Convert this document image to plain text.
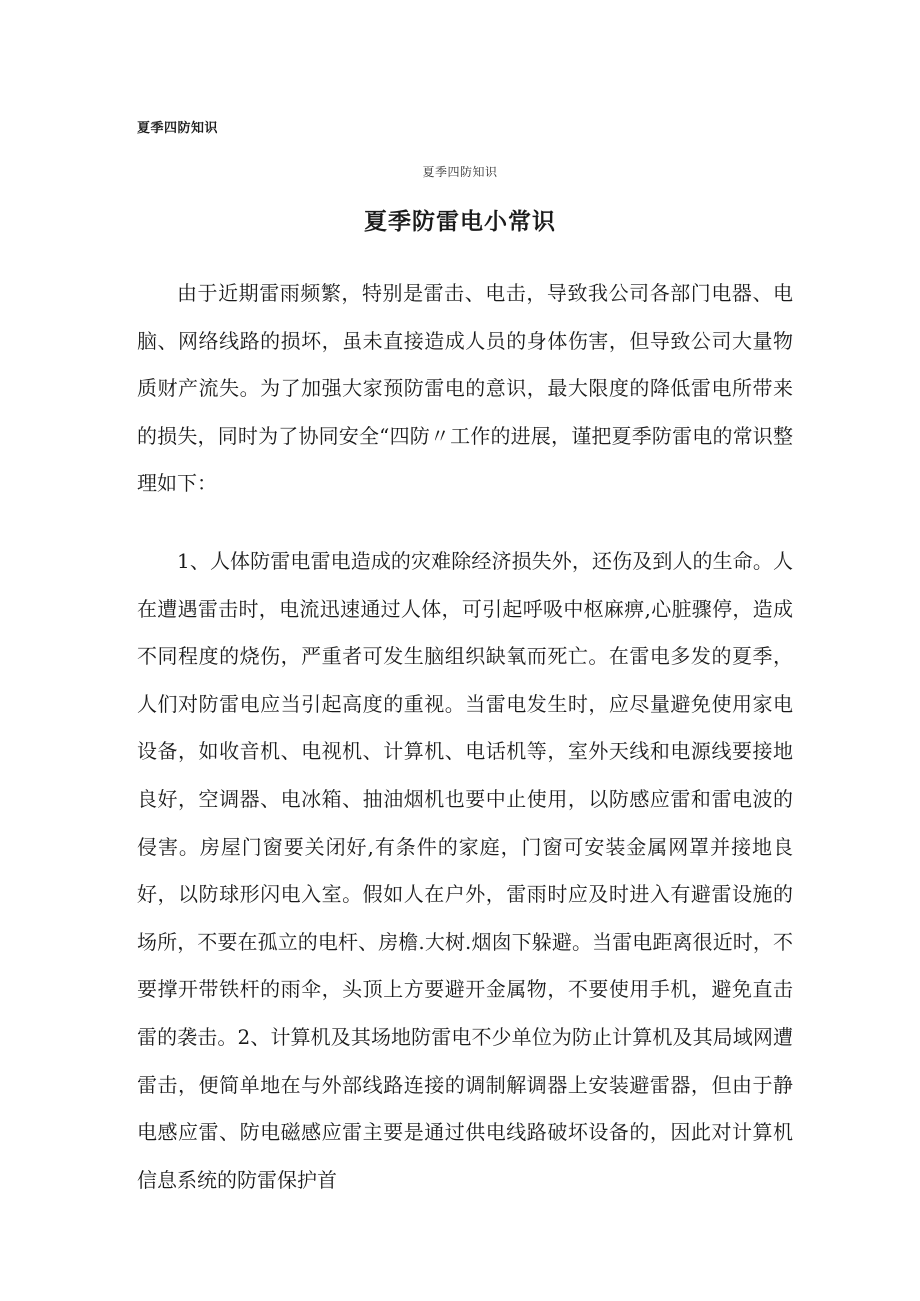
夏季四防知识

夏季四防知识

夏季防雷电小常识

由于近期雷雨频繁，特别是雷击、电击，导致我公司各部门电器、电脑、网络线路的损坏，虽未直接造成人员的身体伤害，但导致公司大量物质财产流失。为了加强大家预防雷电的意识，最大限度的降低雷电所带来的损失，同时为了协同安全“四防〃工作的进展，谨把夏季防雷电的常识整理如下：

1、人体防雷电雷电造成的灾难除经济损失外，还伤及到人的生命。人在遭遇雷击时，电流迅速通过人体，可引起呼吸中枢麻痹,心脏骤停，造成不同程度的烧伤，严重者可发生脑组织缺氧而死亡。在雷电多发的夏季，人们对防雷电应当引起高度的重视。当雷电发生时，应尽量避免使用家电设备，如收音机、电视机、计算机、电话机等，室外天线和电源线要接地良好，空调器、电冰箱、抽油烟机也要中止使用，以防感应雷和雷电波的侵害。房屋门窗要关闭好,有条件的家庭，门窗可安装金属网罩并接地良好，以防球形闪电入室。假如人在户外，雷雨时应及时进入有避雷设施的场所，不要在孤立的电杆、房檐.大树.烟囱下躲避。当雷电距离很近时，不要撑开带铁杆的雨伞，头顶上方要避开金属物，不要使用手机，避免直击雷的袭击。2、计算机及其场地防雷电不少单位为防止计算机及其局域网遭雷击，便简单地在与外部线路连接的调制解调器上安装避雷器，但由于静电感应雷、防电磁感应雷主要是通过供电线路破坏设备的，因此对计算机信息系统的防雷保护首
